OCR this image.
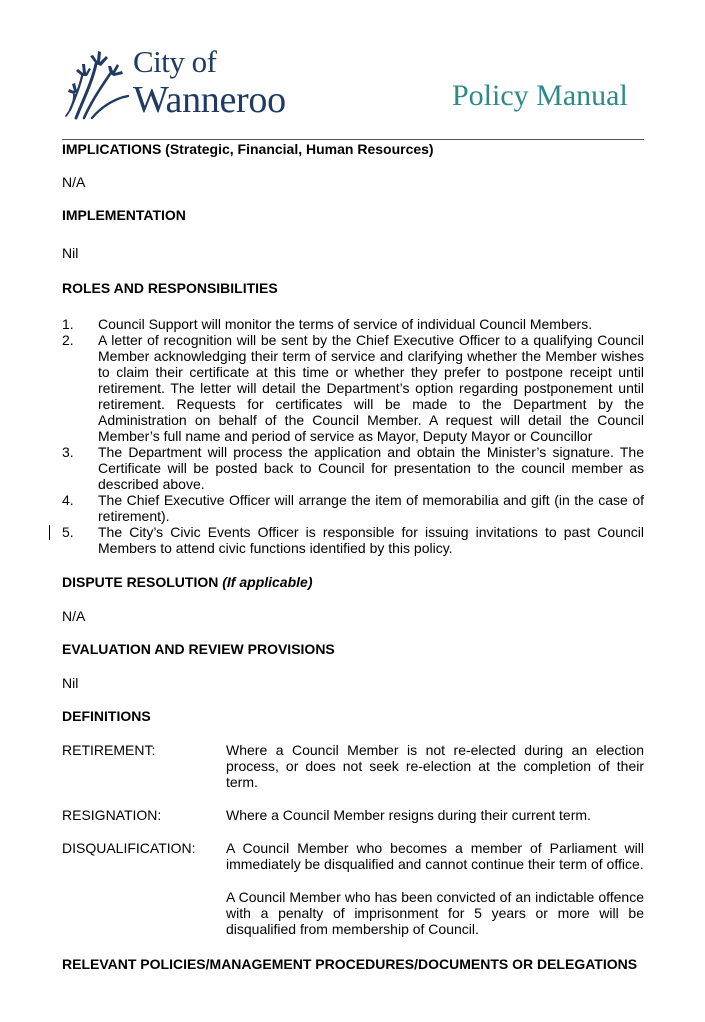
City of
Wanneroo	Policy Manual
IMPLICATIONS (Strategic, Financial, Human Resources)
N/A
IMPLEMENTATION
Nil
ROLES AND RESPONSIBILITIES
1. Council Support will monitor the terms of service of individual Council Members.
2. A letter of recognition will be sent by the Chief Executive Officer to a qualifying Council Member acknowledging their term of service and clarifying whether the Member wishes to claim their certificate at this time or whether they prefer to postpone receipt until retirement. The letter will detail the Department’s option regarding postponement until retirement. Requests for certificates will be made to the Department by the Administration on behalf of the Council Member. A request will detail the Council Member’s full name and period of service as Mayor, Deputy Mayor or Councillor
3. The Department will process the application and obtain the Minister’s signature. The Certificate will be posted back to Council for presentation to the council member as described above.
4. The Chief Executive Officer will arrange the item of memorabilia and gift (in the case of retirement).
5. The City’s Civic Events Officer is responsible for issuing invitations to past Council Members to attend civic functions identified by this policy.
DISPUTE RESOLUTION (If applicable)
N/A
EVALUATION AND REVIEW PROVISIONS
Nil
DEFINITIONS
RETIREMENT:	Where a Council Member is not re-elected during an election process, or does not seek re-election at the completion of their term.

RESIGNATION:	Where a Council Member resigns during their current term.

DISQUALIFICATION:	A Council Member who becomes a member of Parliament will immediately be disqualified and cannot continue their term of office.

A Council Member who has been convicted of an indictable offence with a penalty of imprisonment for 5 years or more will be disqualified from membership of Council.

RELEVANT POLICIES/MANAGEMENT PROCEDURES/DOCUMENTS OR DELEGATIONS
